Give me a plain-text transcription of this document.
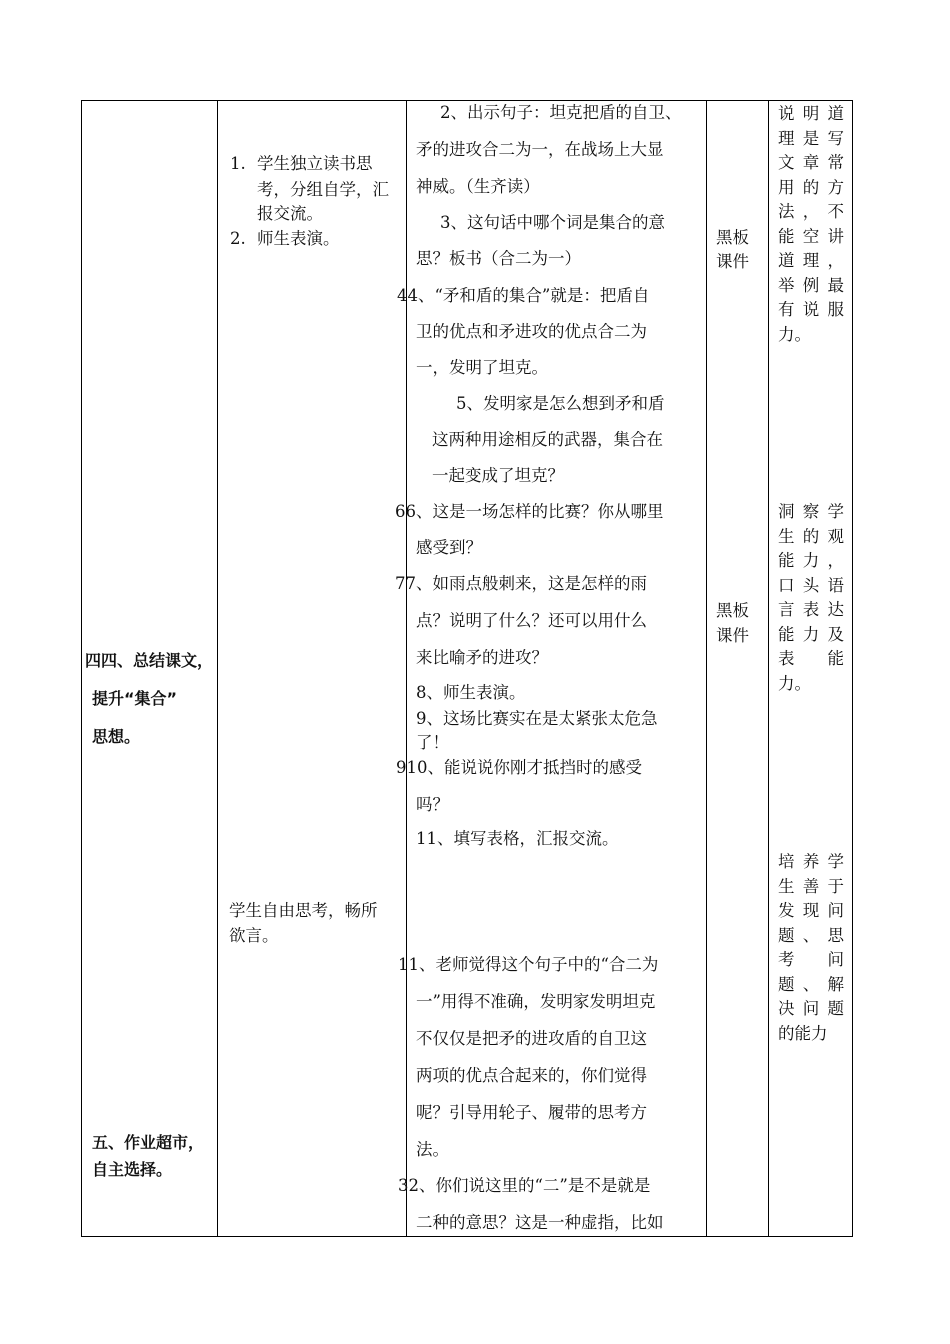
四四、总结课文，
提升“集合”
思想。
五、作业超市，
自主选择。
1. 学生独立读书思
考，分组自学，汇
报交流。
2. 师生表演。
学生自由思考，畅所
欲言。
2、出示句子：坦克把盾的自卫、
矛的进攻合二为一，在战场上大显
神威。（生齐读）
3、这句话中哪个词是集合的意
思？板书（合二为一）
44、“矛和盾的集合”就是：把盾自
卫的优点和矛进攻的优点合二为
一，发明了坦克。
5、发明家是怎么想到矛和盾
这两种用途相反的武器，集合在
一起变成了坦克？
66、这是一场怎样的比赛？你从哪里
感受到？
77、如雨点般刺来，这是怎样的雨
点？说明了什么？还可以用什么
来比喻矛的进攻？
8、师生表演。
9、这场比赛实在是太紧张太危急
了！
910、能说说你刚才抵挡时的感受
吗？
11、填写表格，汇报交流。
11、老师觉得这个句子中的“合二为
一”用得不准确，发明家发明坦克
不仅仅是把矛的进攻盾的自卫这
两项的优点合起来的，你们觉得
呢？引导用轮子、履带的思考方
法。
32、你们说这里的“二”是不是就是
二种的意思？这是一种虚指，比如
黑板
课件
黑板
课件
说明道
理是写
文章常
用的方
法，不
能空讲
道理，
举例最
有说服
力。
洞察学
生的观
能力，
口头语
言表达
能力及
表　能
力。
培养学
生善于
发现问
题、思
考　问
题、解
决问题
的能力
